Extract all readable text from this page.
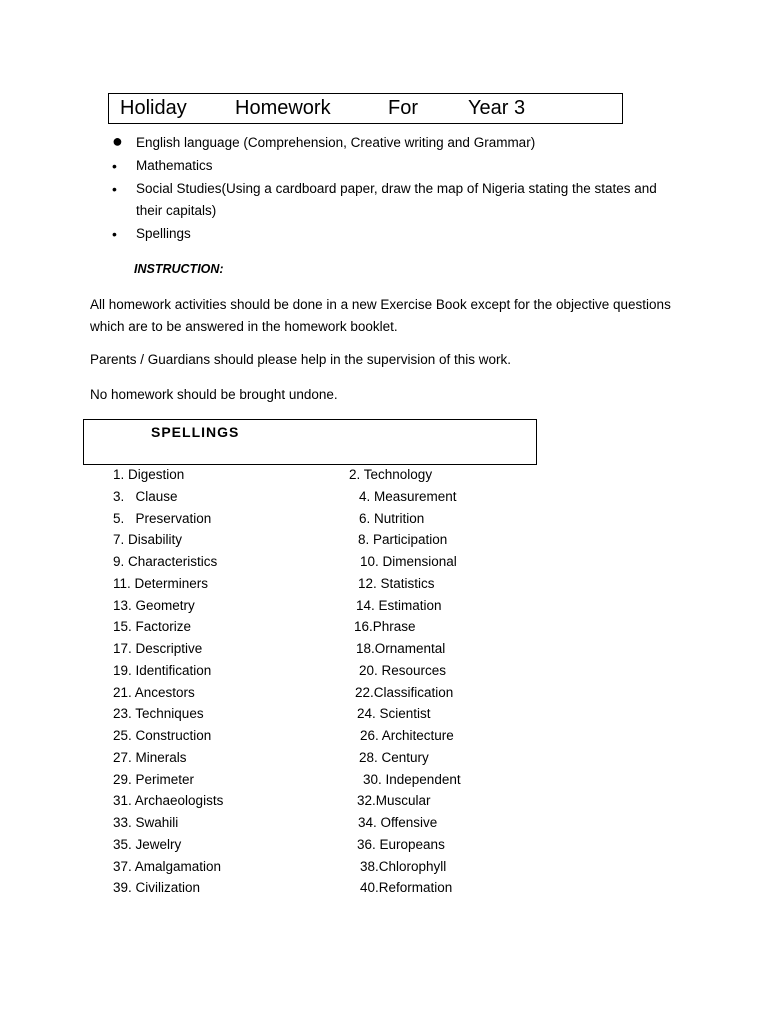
Holiday Homework	For	Year 3
● English language (Comprehension, Creative writing and Grammar)
• Mathematics
• Social Studies(Using a cardboard paper, draw the map of Nigeria stating the states and their capitals)
• Spellings
INSTRUCTION:
All homework activities should be done in a new Exercise Book except for the objective questions which are to be answered in the homework booklet.
Parents / Guardians should please help in the supervision of this work.
No homework should be brought undone.
SPELLINGS
1. Digestion	2. Technology
3.   Clause	4. Measurement
5.   Preservation	6. Nutrition
7. Disability	8. Participation
9. Characteristics	10. Dimensional
11. Determiners	12. Statistics
13. Geometry	14. Estimation
15. Factorize	16.Phrase
17. Descriptive	18.Ornamental
19. Identification	20. Resources
21. Ancestors	22.Classification
23. Techniques	24. Scientist
25. Construction	26. Architecture
27. Minerals	28. Century
29. Perimeter	30. Independent
31. Archaeologists	32.Muscular
33. Swahili	34. Offensive
35. Jewelry	36. Europeans
37. Amalgamation	38.Chlorophyll
39. Civilization	40.Reformation
